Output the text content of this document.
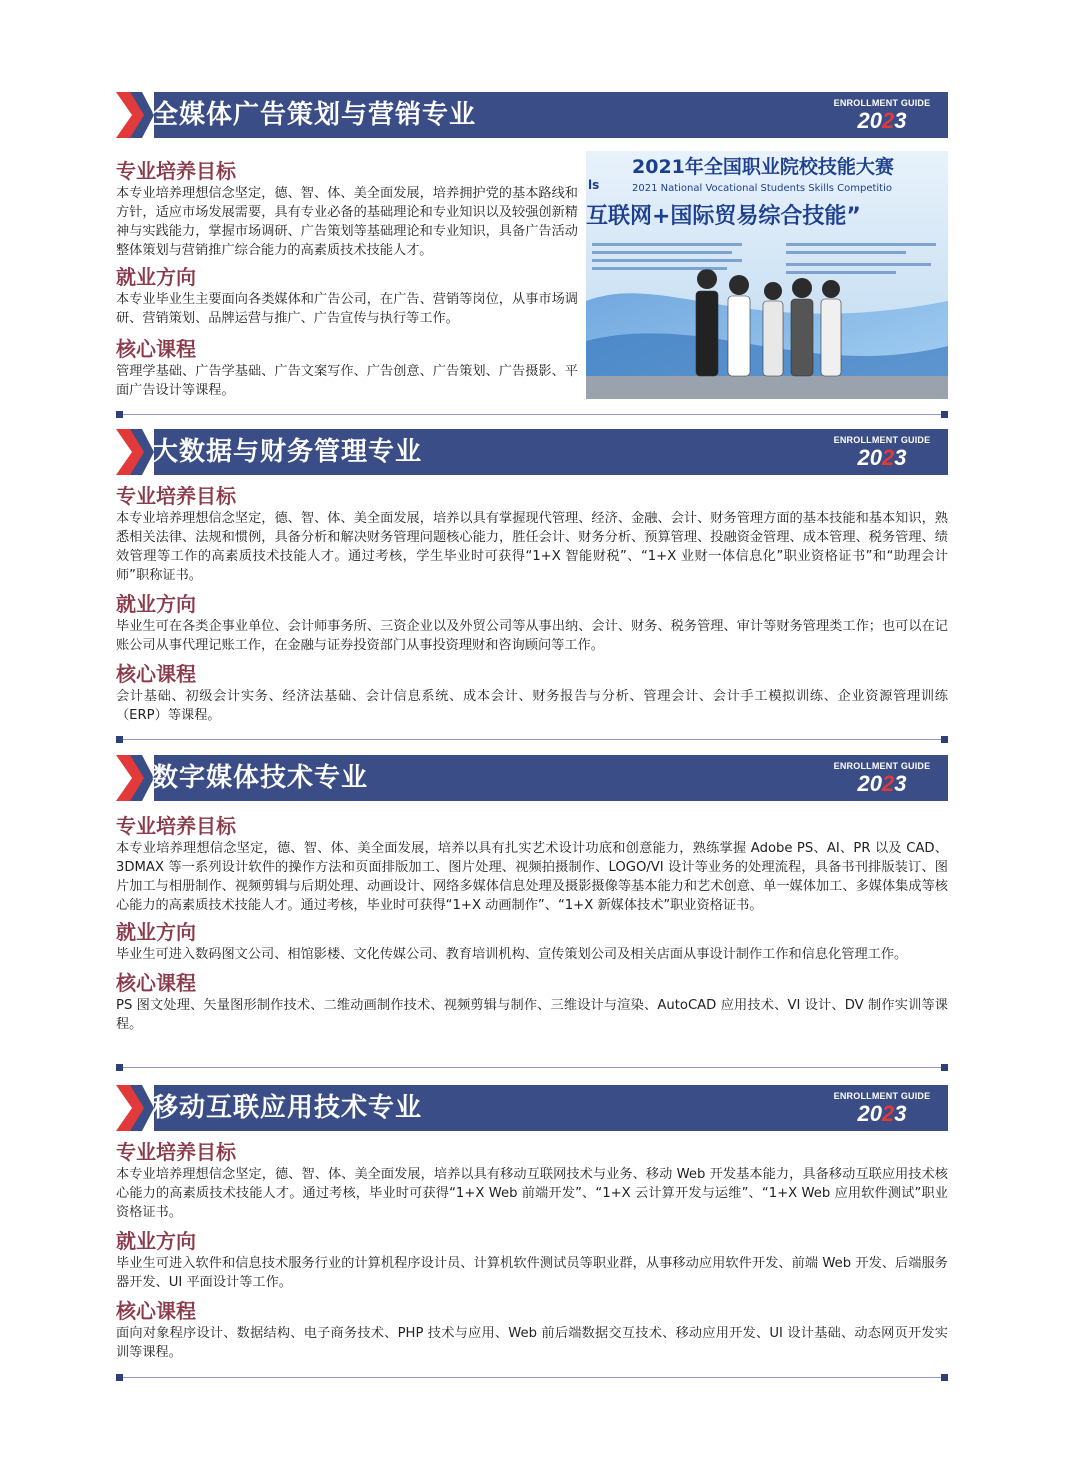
全媒体广告策划与营销专业	ENROLLMENT GUIDE
2023
专业培养目标
本专业培养理想信念坚定，德、智、体、美全面发展，培养拥护党的基本路线和方针，适应市场发展需要，具有专业必备的基础理论和专业知识以及较强创新精神与实践能力，掌握市场调研、广告策划等基础理论和专业知识，具备广告活动整体策划与营销推广综合能力的高素质技术技能人才。
就业方向
本专业毕业生主要面向各类媒体和广告公司，在广告、营销等岗位，从事市场调研、营销策划、品牌运营与推广、广告宣传与执行等工作。
核心课程
管理学基础、广告学基础、广告文案写作、广告创意、广告策划、广告摄影、平面广告设计等课程。
ls
2021年全国职业院校技能大赛
2021 National Vocational Students Skills Competitio
互联网+国际贸易综合技能”
大数据与财务管理专业	ENROLLMENT GUIDE
2023
专业培养目标
本专业培养理想信念坚定，德、智、体、美全面发展，培养以具有掌握现代管理、经济、金融、会计、财务管理方面的基本技能和基本知识，熟悉相关法律、法规和惯例，具备分析和解决财务管理问题核心能力，胜任会计、财务分析、预算管理、投融资金管理、成本管理、税务管理、绩效管理等工作的高素质技术技能人才。通过考核，学生毕业时可获得“1+X 智能财税”、“1+X 业财一体信息化”职业资格证书”和“助理会计师”职称证书。
就业方向
毕业生可在各类企事业单位、会计师事务所、三资企业以及外贸公司等从事出纳、会计、财务、税务管理、审计等财务管理类工作；也可以在记账公司从事代理记账工作，在金融与证券投资部门从事投资理财和咨询顾问等工作。
核心课程
会计基础、初级会计实务、经济法基础、会计信息系统、成本会计、财务报告与分析、管理会计、会计手工模拟训练、企业资源管理训练（ERP）等课程。
数字媒体技术专业	ENROLLMENT GUIDE
2023
专业培养目标
本专业培养理想信念坚定，德、智、体、美全面发展，培养以具有扎实艺术设计功底和创意能力，熟练掌握 Adobe PS、AI、PR 以及 CAD、3DMAX 等一系列设计软件的操作方法和页面排版加工、图片处理、视频拍摄制作、LOGO/VI 设计等业务的处理流程，具备书刊排版装订、图片加工与相册制作、视频剪辑与后期处理、动画设计、网络多媒体信息处理及摄影摄像等基本能力和艺术创意、单一媒体加工、多媒体集成等核心能力的高素质技术技能人才。通过考核，毕业时可获得“1+X 动画制作”、“1+X 新媒体技术”职业资格证书。
就业方向
毕业生可进入数码图文公司、相馆影楼、文化传媒公司、教育培训机构、宣传策划公司及相关店面从事设计制作工作和信息化管理工作。
核心课程
PS 图文处理、矢量图形制作技术、二维动画制作技术、视频剪辑与制作、三维设计与渲染、AutoCAD 应用技术、VI 设计、DV 制作实训等课程。
移动互联应用技术专业	ENROLLMENT GUIDE
2023
专业培养目标
本专业培养理想信念坚定，德、智、体、美全面发展，培养以具有移动互联网技术与业务、移动 Web 开发基本能力，具备移动互联应用技术核心能力的高素质技术技能人才。通过考核，毕业时可获得“1+X Web 前端开发”、“1+X 云计算开发与运维”、“1+X Web 应用软件测试”职业资格证书。
就业方向
毕业生可进入软件和信息技术服务行业的计算机程序设计员、计算机软件测试员等职业群，从事移动应用软件开发、前端 Web 开发、后端服务器开发、UI 平面设计等工作。
核心课程
面向对象程序设计、数据结构、电子商务技术、PHP 技术与应用、Web 前后端数据交互技术、移动应用开发、UI 设计基础、动态网页开发实训等课程。
